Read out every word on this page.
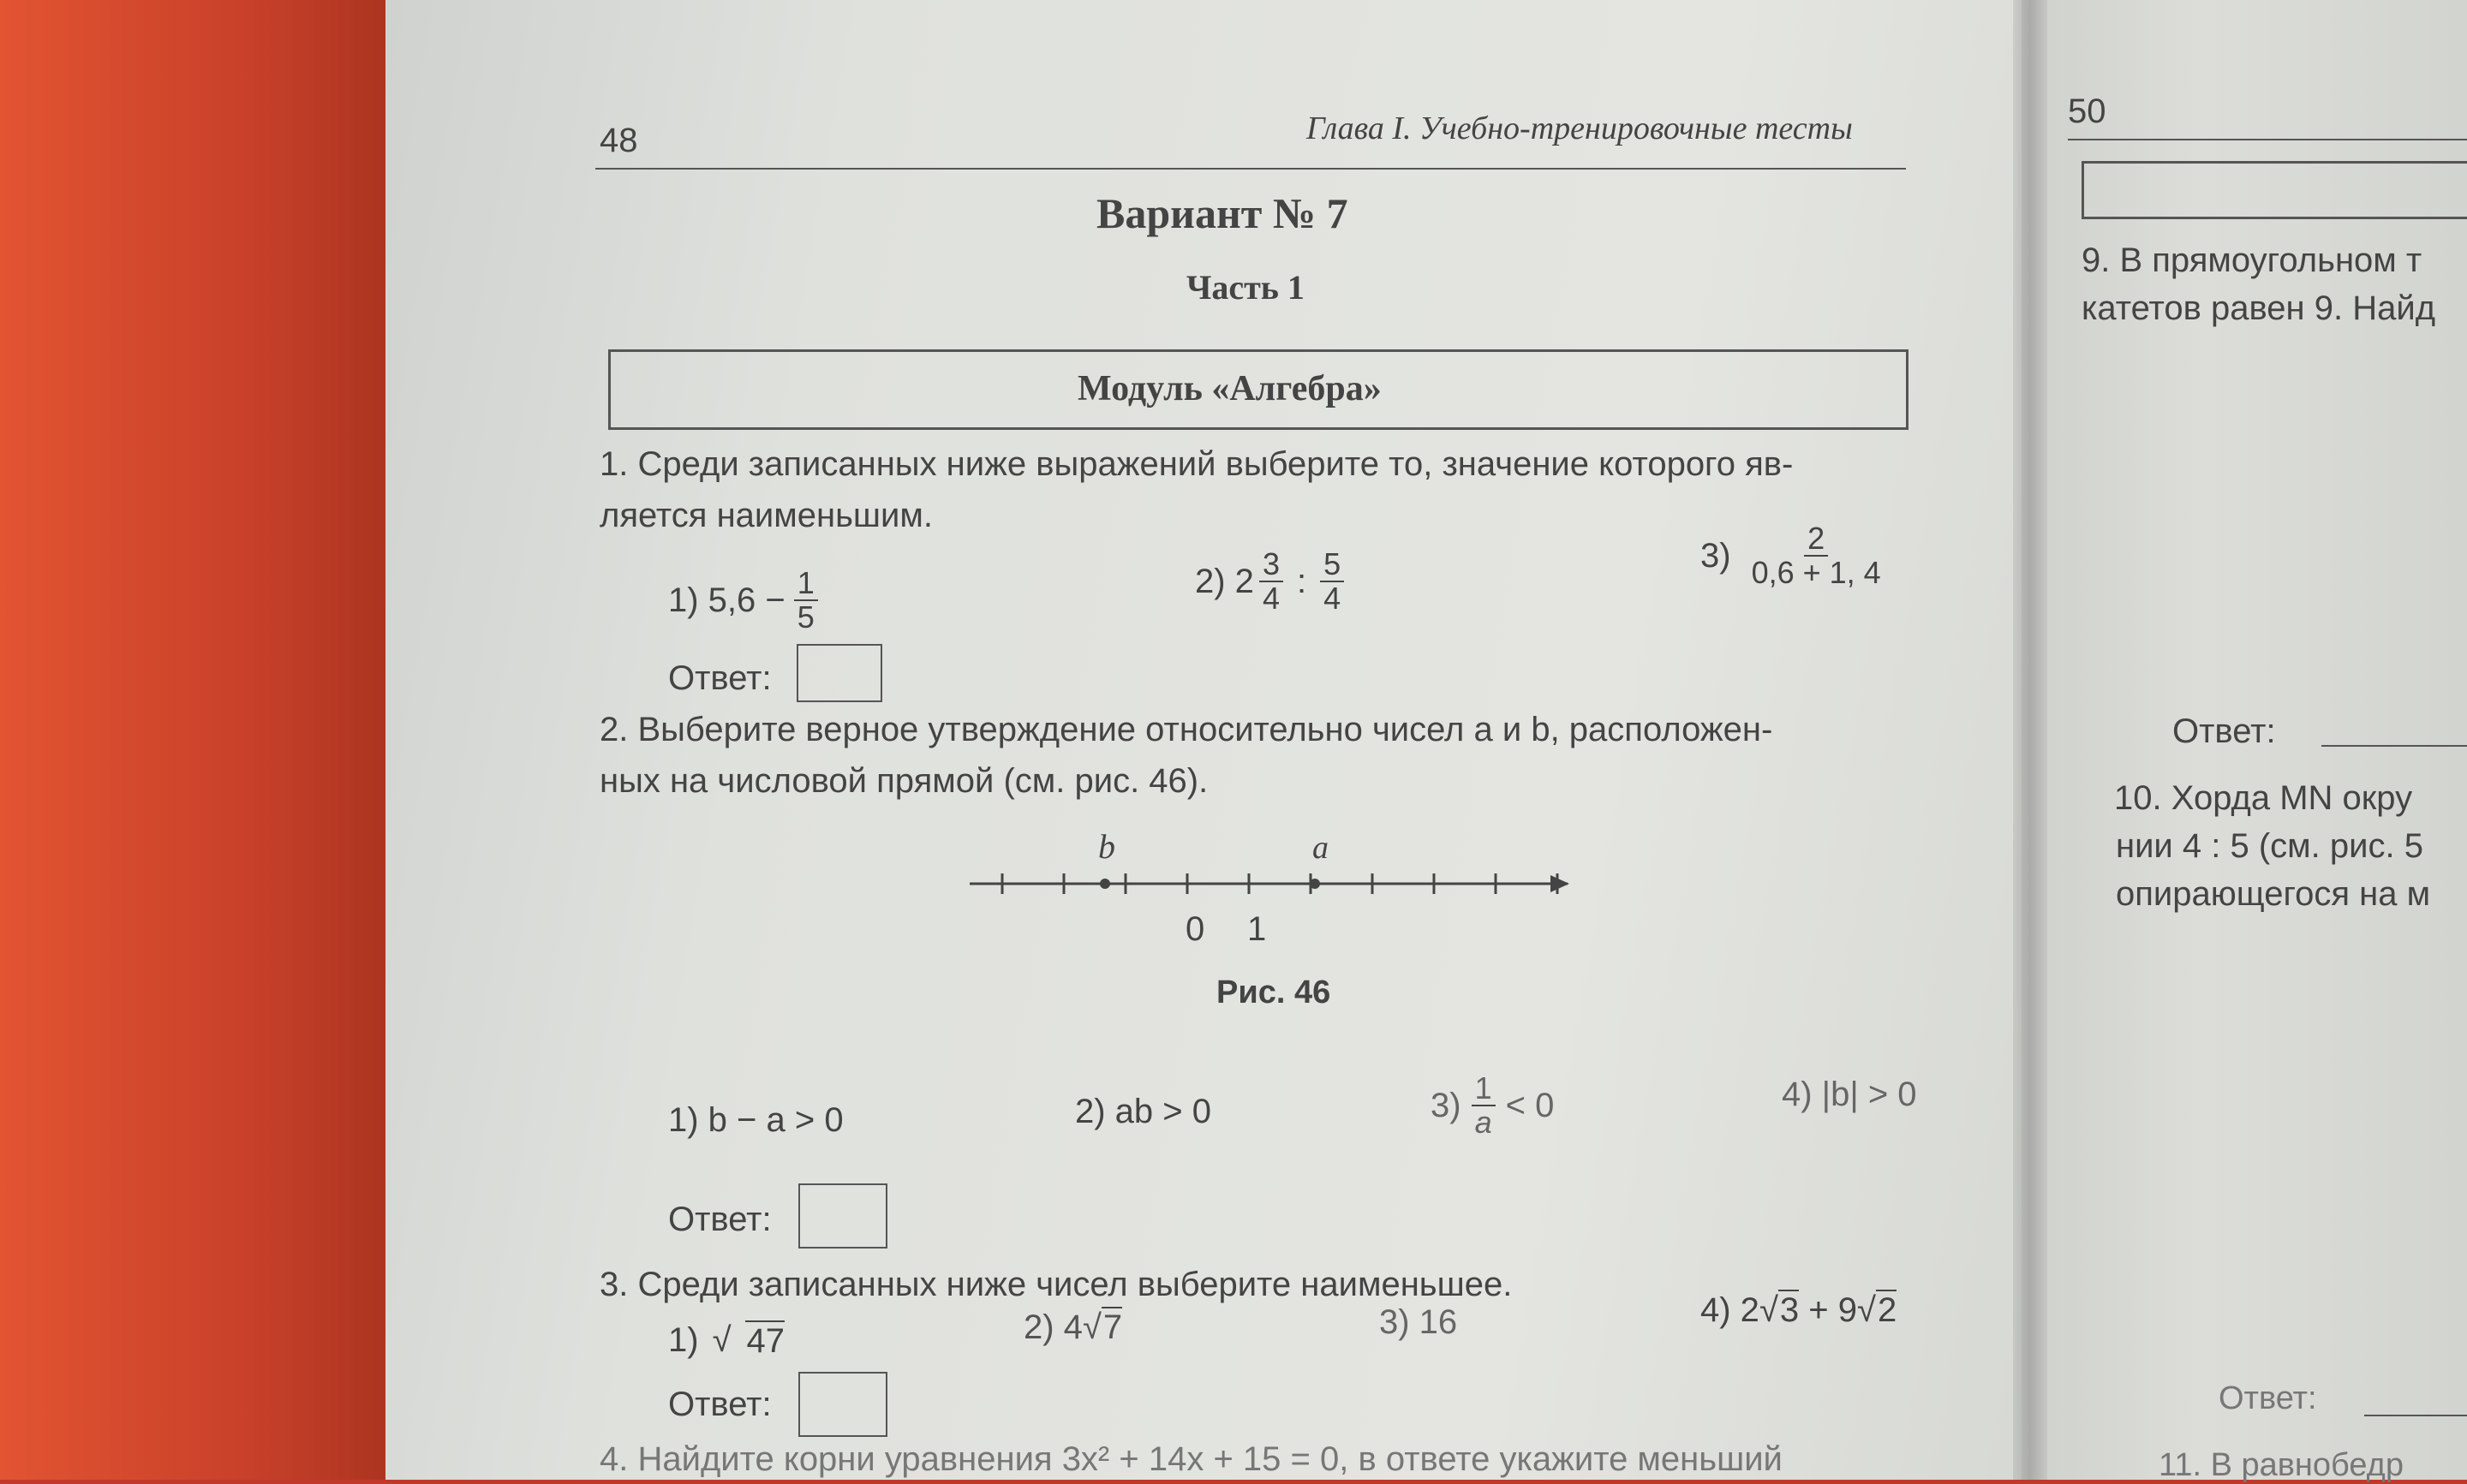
48	Глава I. Учебно-тренировочные тесты
Вариант № 7
Часть 1
Модуль «Алгебра»
1. Среди записанных ниже выражений выберите то, значение которого яв-
ляется наименьшим.
1) $5,6 - \frac{1}{5}$	2) $2 \frac{3}{4}$ : $\frac{5}{4}$	$3) \frac{2}{0,6 + 1, 4}$
Ответ:
2. Выберите верное утверждение относительно чисел a и b, расположен-
ных на числовой прямой (см. рис. 46).
b	a
0 1
Рис. 46
1) b − a > 0	2) ab > 0	$3) \frac{1}{a} < 0$	4) |b| > 0
Ответ:
3. Среди записанных ниже чисел выберите наименьшее.
1) √ 47	2) 4√7	3) 16	4) 2√3 + 9√2
Ответ:
4. Найдите корни уравнения 3x² + 14x + 15 = 0, в ответе укажите меньший
50
9. В прямоугольном т
катетов равен 9. Найд
Ответ:
10. Хорда MN окру
нии 4 : 5 (см. рис. 5
опирающегося на м
Ответ:
11. В равнобедр
